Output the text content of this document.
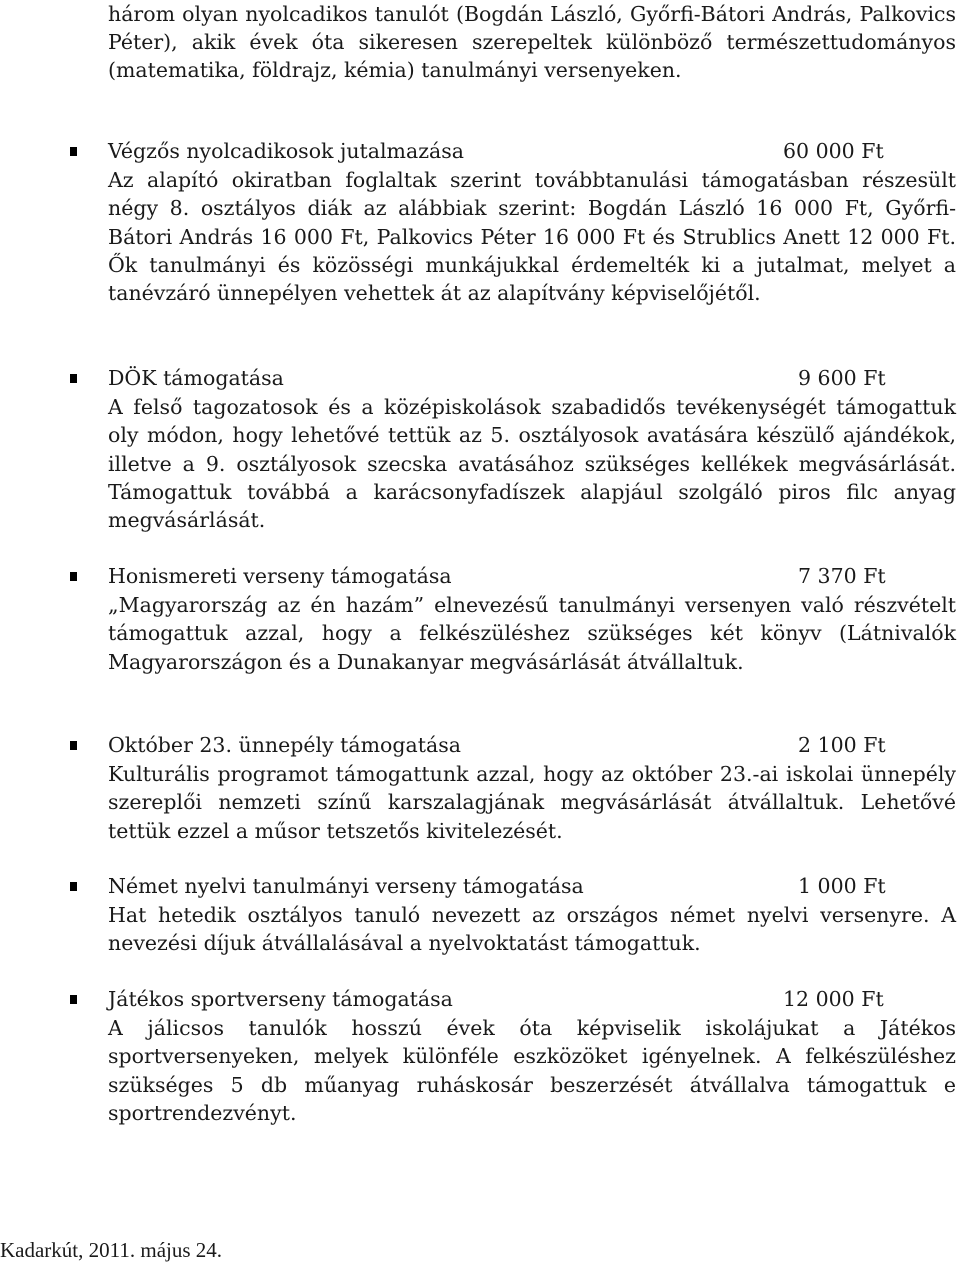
három olyan nyolcadikos tanulót (Bogdán László, Győrfi-Bátori András, Palkovics Péter), akik évek óta sikeresen szerepeltek különböző természettudományos (matematika, földrajz, kémia) tanulmányi versenyeken.
Végzős nyolcadikosok jutalmazása	60 000 Ft
Az alapító okiratban foglaltak szerint továbbtanulási támogatásban részesült négy 8. osztályos diák az alábbiak szerint: Bogdán László 16 000 Ft, Győrfi-Bátori András 16 000 Ft, Palkovics Péter 16 000 Ft és Strublics Anett 12 000 Ft. Ők tanulmányi és közösségi munkájukkal érdemelték ki a jutalmat, melyet a tanévzáró ünnepélyen vehettek át az alapítvány képviselőjétől.
DÖK támogatása	9 600 Ft
A felső tagozatosok és a középiskolások szabadidős tevékenységét támogattuk oly módon, hogy lehetővé tettük az 5. osztályosok avatására készülő ajándékok, illetve a 9. osztályosok szecska avatásához szükséges kellékek megvásárlását. Támogattuk továbbá a karácsonyfadíszek alapjául szolgáló piros filc anyag megvásárlását.
Honismereti verseny támogatása	7 370 Ft
„Magyarország az én hazám” elnevezésű tanulmányi versenyen való részvételt támogattuk azzal, hogy a felkészüléshez szükséges két könyv (Látnivalók Magyarországon és a Dunakanyar megvásárlását átvállaltuk.
Október 23. ünnepély támogatása	2 100 Ft
Kulturális programot támogattunk azzal, hogy az október 23.-ai iskolai ünnepély szereplői nemzeti színű karszalagjának megvásárlását átvállaltuk. Lehetővé tettük ezzel a műsor tetszetős kivitelezését.
Német nyelvi tanulmányi verseny támogatása	1 000 Ft
Hat hetedik osztályos tanuló nevezett az országos német nyelvi versenyre. A nevezési díjuk átvállalásával a nyelvoktatást támogattuk.
Játékos sportverseny támogatása	12 000 Ft
A jálicsos tanulók hosszú évek óta képviselik iskolájukat a Játékos sportversenyeken, melyek különféle eszközöket igényelnek. A felkészüléshez szükséges 5 db műanyag ruháskosár beszerzését átvállalva támogattuk e sportrendezvényt.
Kadarkút, 2011. május 24.
